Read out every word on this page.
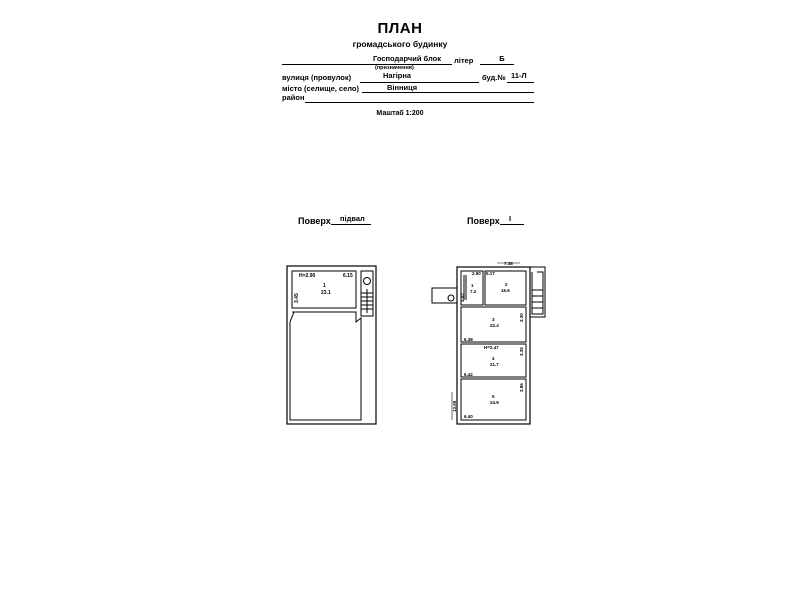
ПЛАН
громадського будинку
Господарчий блок
(призначення)
літер	Б
вулиця (провулок)	Нагірна	буд.№ 11-Л
місто (селище, село)	Вінниця
район
Маштаб 1:200
Поверх підвал	Поверх І
H=2.90
1
23.1
6.15
3.45
7.38
2.50 5.17
3.02
1
7.2
2
16.6
3
22.4
3.30
6.38
H=2.47
4
21.7
3.35
6.42
5
24.9
3.86
6.40
13.65
